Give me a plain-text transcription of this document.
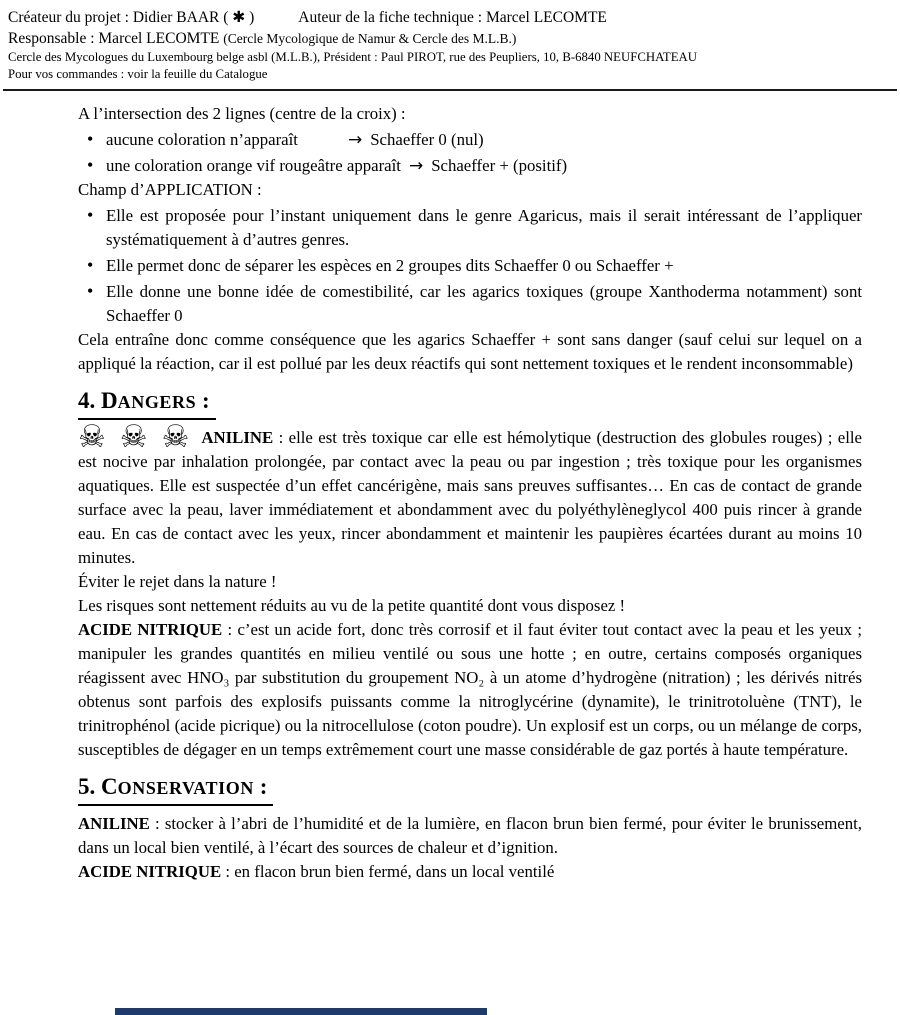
Créateur du projet : Didier BAAR ( ✱ )	Auteur de la fiche technique : Marcel LECOMTE
Responsable : Marcel LECOMTE (Cercle Mycologique de Namur & Cercle des M.L.B.)
Cercle des Mycologues du Luxembourg belge asbl (M.L.B.), Président : Paul PIROT, rue des Peupliers, 10, B-6840 NEUFCHATEAU
Pour vos commandes : voir la feuille du Catalogue

A l’intersection des 2 lignes (centre de la croix) :

• aucune coloration n’apparaît	→ Schaeffer 0 (nul)
• une coloration orange vif rougeâtre apparaît → Schaeffer + (positif)

Champ d’APPLICATION :

• Elle est proposée pour l’instant uniquement dans le genre Agaricus, mais il serait intéressant de l’appliquer systématiquement à d’autres genres.
• Elle permet donc de séparer les espèces en 2 groupes dits Schaeffer 0 ou Schaeffer +
• Elle donne une bonne idée de comestibilité, car les agarics toxiques (groupe Xanthoderma notamment) sont Schaeffer 0

Cela entraîne donc comme conséquence que les agarics Schaeffer + sont sans danger (sauf celui sur lequel on a appliqué la réaction, car il est pollué par les deux réactifs qui sont nettement toxiques et le rendent inconsommable)

4. DANGERS :

☠ ☠ ☠ ANILINE : elle est très toxique car elle est hémolytique (destruction des globules rouges) ; elle est nocive par inhalation prolongée, par contact avec la peau ou par ingestion ; très toxique pour les organismes aquatiques. Elle est suspectée d’un effet cancérigène, mais sans preuves suffisantes… En cas de contact de grande surface avec la peau, laver immédiatement et abondamment avec du polyéthylèneglycol 400 puis rincer à grande eau. En cas de contact avec les yeux, rincer abondamment et maintenir les paupières écartées durant au moins 10 minutes.

Éviter le rejet dans la nature !

Les risques sont nettement réduits au vu de la petite quantité dont vous disposez !

ACIDE NITRIQUE : c’est un acide fort, donc très corrosif et il faut éviter tout contact avec la peau et les yeux ; manipuler les grandes quantités en milieu ventilé ou sous une hotte ; en outre, certains composés organiques réagissent avec HNO₃ par substitution du groupement NO₂ à un atome d’hydrogène (nitration) ; les dérivés nitrés obtenus sont parfois des explosifs puissants comme la nitroglycérine (dynamite), le trinitrotoluène (TNT), le trinitrophénol (acide picrique) ou la nitrocellulose (coton poudre). Un explosif est un corps, ou un mélange de corps, susceptibles de dégager en un temps extrêmement court une masse considérable de gaz portés à haute température.

5. CONSERVATION :

ANILINE : stocker à l’abri de l’humidité et de la lumière, en flacon brun bien fermé, pour éviter le brunissement, dans un local bien ventilé, à l’écart des sources de chaleur et d’ignition.

ACIDE NITRIQUE : en flacon brun bien fermé, dans un local ventilé
